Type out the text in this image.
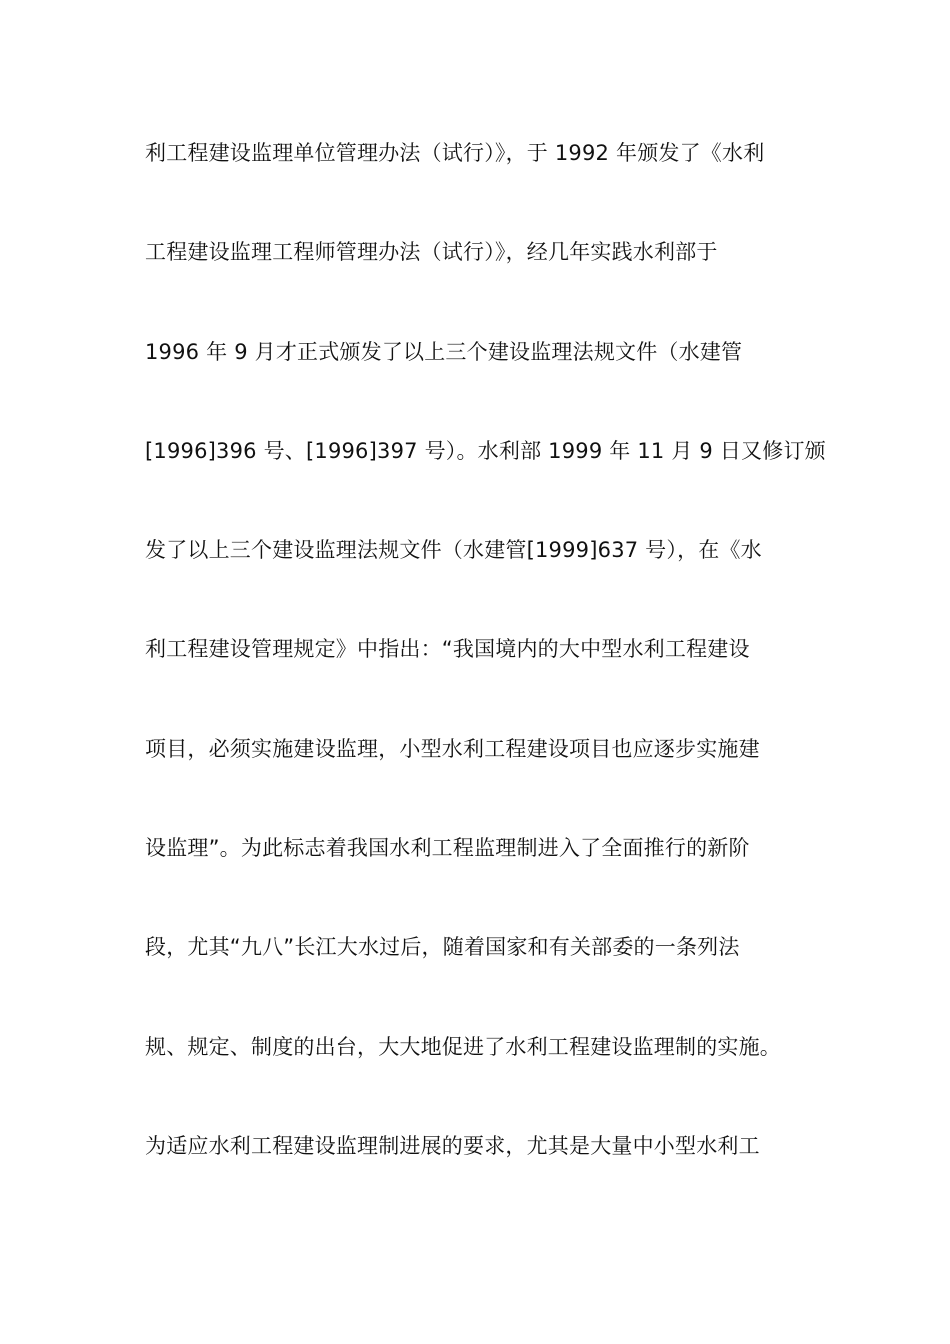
利工程建设监理单位管理办法（试行）》，于 1992 年颁发了《水利
工程建设监理工程师管理办法（试行）》，经几年实践水利部于
1996 年 9 月才正式颁发了以上三个建设监理法规文件（水建管
[1996]396 号、[1996]397 号）。水利部 1999 年 11 月 9 日又修订颁
发了以上三个建设监理法规文件（水建管[1999]637 号），在《水
利工程建设管理规定》中指出：“我国境内的大中型水利工程建设
项目，必须实施建设监理，小型水利工程建设项目也应逐步实施建
设监理”。为此标志着我国水利工程监理制进入了全面推行的新阶
段，尤其“九八”长江大水过后，随着国家和有关部委的一条列法
规、规定、制度的出台，大大地促进了水利工程建设监理制的实施。
为适应水利工程建设监理制进展的要求，尤其是大量中小型水利工
